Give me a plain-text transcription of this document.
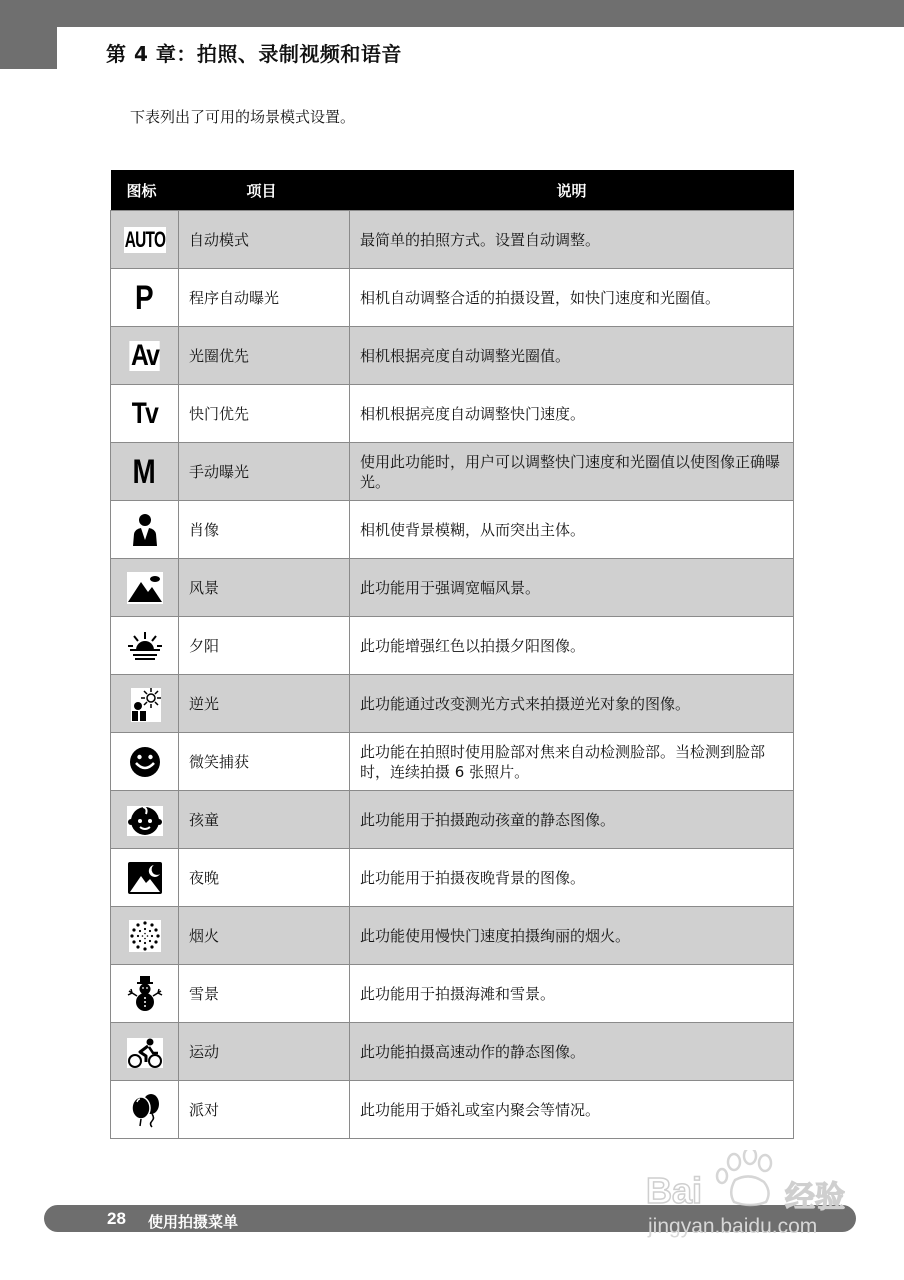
第 4 章：拍照、录制视频和语音
下表列出了可用的场景模式设置。
图标	项目	说明
AUTO	自动模式	最简单的拍照方式。设置自动调整。
P	程序自动曝光	相机自动调整合适的拍摄设置，如快门速度和光圈值。
Av	光圈优先	相机根据亮度自动调整光圈值。
Tv	快门优先	相机根据亮度自动调整快门速度。
M	手动曝光	使用此功能时，用户可以调整快门速度和光圈值以使图像正确曝光。

	肖像	相机使背景模糊，从而突出主体。

	风景	此功能用于强调宽幅风景。

	夕阳	此功能增强红色以拍摄夕阳图像。

	逆光	此功能通过改变测光方式来拍摄逆光对象的图像。

	微笑捕获	此功能在拍照时使用脸部对焦来自动检测脸部。当检测到脸部时，连续拍摄 6 张照片。

	孩童	此功能用于拍摄跑动孩童的静态图像。

	夜晚	此功能用于拍摄夜晚背景的图像。

	烟火	此功能使用慢快门速度拍摄绚丽的烟火。

	雪景	此功能用于拍摄海滩和雪景。

	运动	此功能拍摄高速动作的静态图像。

	派对	此功能用于婚礼或室内聚会等情况。
28 使用拍摄菜单
Bai	经验
jingyan.baidu.com
